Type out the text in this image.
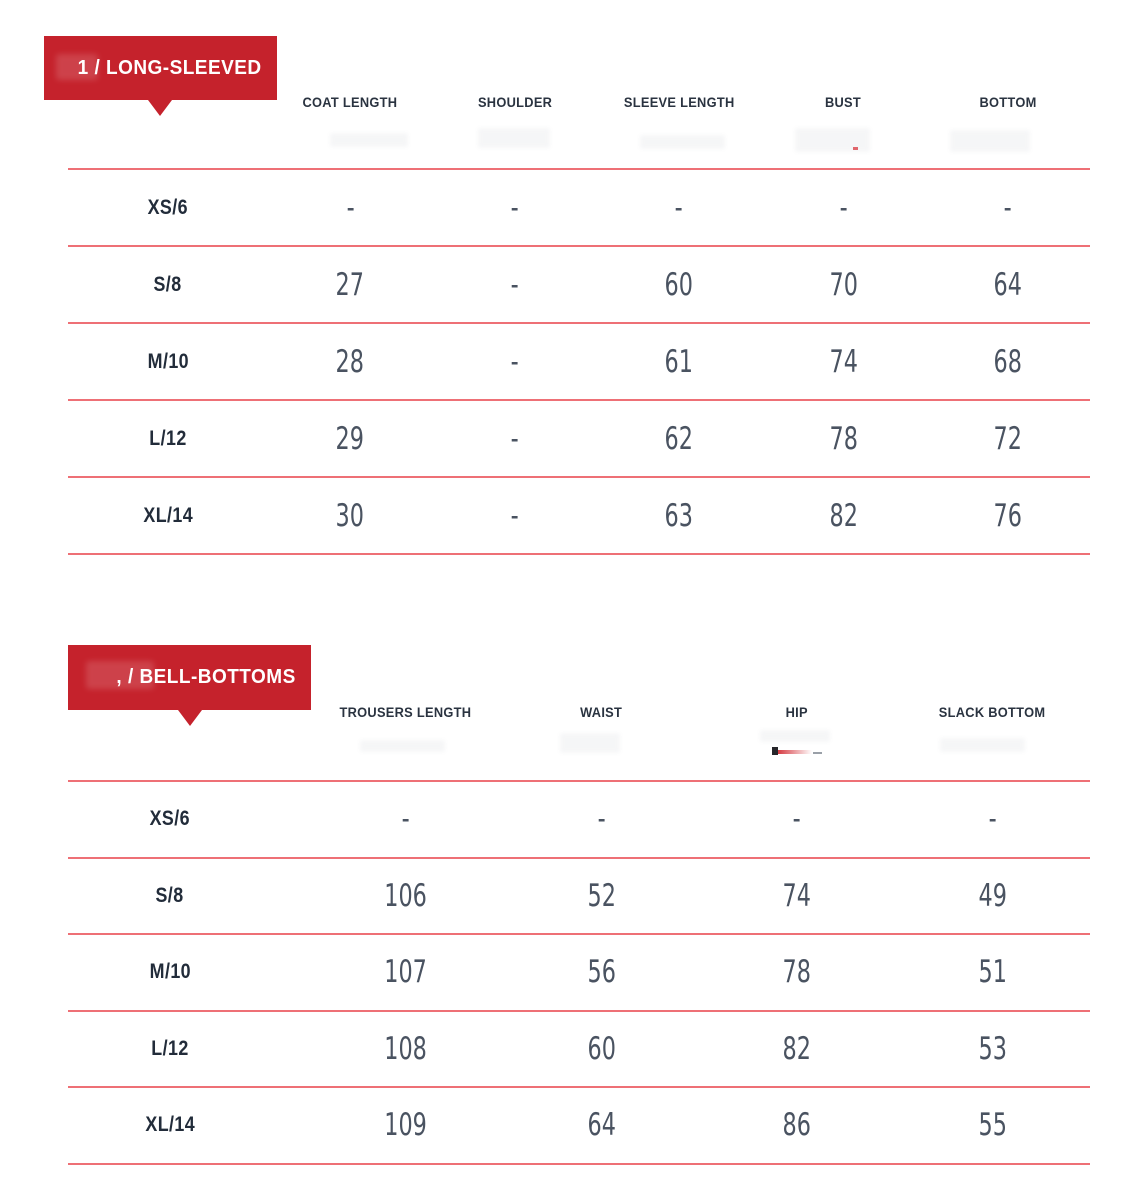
1 / LONG-SLEEVED
COAT LENGTH	SHOULDER	SLEEVE LENGTH	BUST	BOTTOM
XS/6	-	-	-	-	-
S/8	27	-	60	70	64
M/10	28	-	61	74	68
L/12	29	-	62	78	72
XL/14	30	-	63	82	76
, / BELL-BOTTOMS
TROUSERS LENGTH	WAIST	HIP	SLACK BOTTOM
XS/6	-	-	-	-
S/8	106	52	74	49
M/10	107	56	78	51
L/12	108	60	82	53
XL/14	109	64	86	55
